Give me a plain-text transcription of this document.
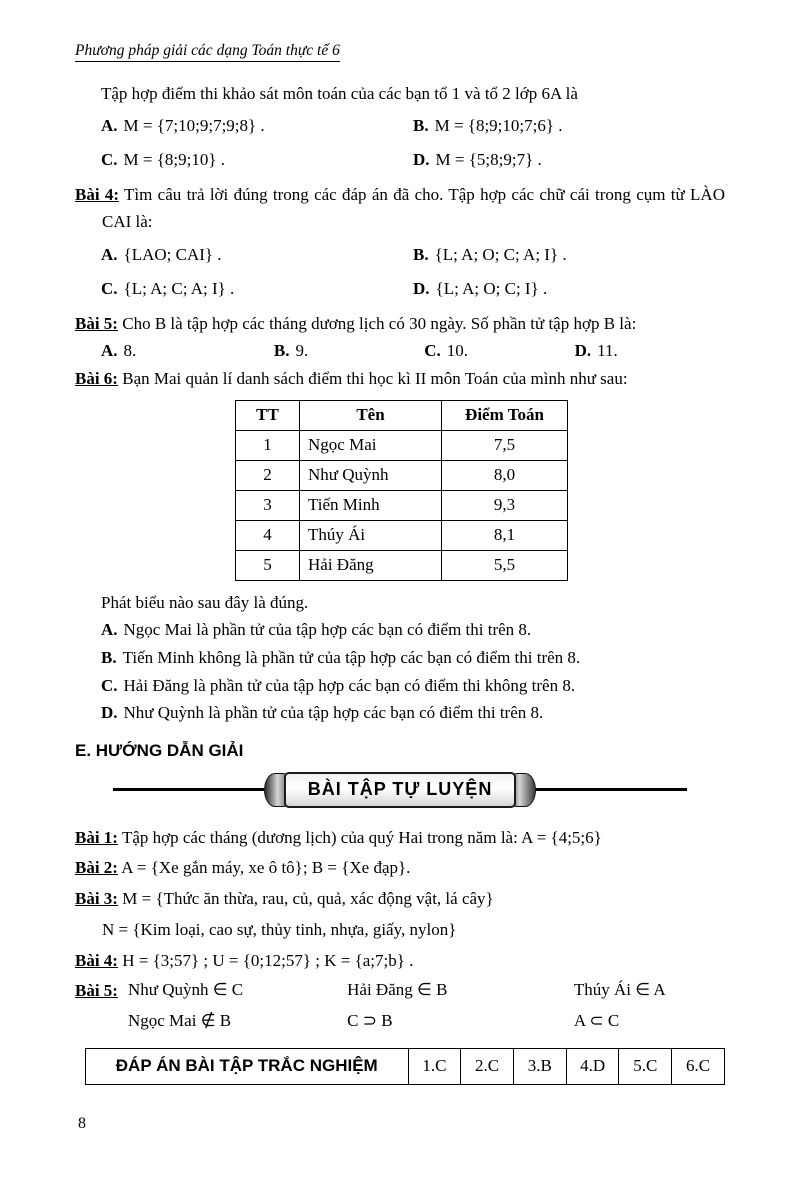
Phương pháp giải các dạng Toán thực tế 6
Tập hợp điểm thi khảo sát môn toán của các bạn tổ 1 và tổ 2 lớp 6A là
A. M = {7;10;9;7;9;8} .	B. M = {8;9;10;7;6} .
C. M = {8;9;10} .	D. M = {5;8;9;7} .
Bài 4: Tìm câu trả lời đúng trong các đáp án đã cho. Tập hợp các chữ cái trong cụm từ LÀO CAI là:
A. {LAO; CAI} .	B. {L; A; O; C; A; I} .
C. {L; A; C; A; I} .	D. {L; A; O; C; I} .
Bài 5: Cho B là tập hợp các tháng dương lịch có 30 ngày. Số phần tử tập hợp B là:
A. 8.	B. 9.	C. 10.	D. 11.
Bài 6: Bạn Mai quản lí danh sách điểm thi học kì II môn Toán của mình như sau:
TT	Tên	Điểm Toán
1	Ngọc Mai	7,5
2	Như Quỳnh	8,0
3	Tiến Minh	9,3
4	Thúy Ái	8,1
5	Hải Đăng	5,5
Phát biểu nào sau đây là đúng.
A. Ngọc Mai là phần tử của tập hợp các bạn có điểm thi trên 8.
B. Tiến Minh không là phần tử của tập hợp các bạn có điểm thi trên 8.
C. Hải Đăng là phần tử của tập hợp các bạn có điểm thi không trên 8.
D. Như Quỳnh là phần tử của tập hợp các bạn có điểm thi trên 8.
E. HƯỚNG DẪN GIẢI
BÀI TẬP TỰ LUYỆN
Bài 1: Tập hợp các tháng (dương lịch) của quý Hai trong năm là: A = {4;5;6}
Bài 2: A = {Xe gắn máy, xe ô tô}; B = {Xe đạp}.
Bài 3: M = {Thức ăn thừa, rau, củ, quả, xác động vật, lá cây}
N = {Kim loại, cao sự, thủy tinh, nhựa, giấy, nylon}
Bài 4: H = {3;57} ; U = {0;12;57} ; K = {a;7;b} .
Bài 5: Như Quỳnh ∈ C	Hải Đăng ∈ B	Thúy Ái ∈ A
Ngọc Mai ∉ B	C ⊃ B	A ⊂ C
ĐÁP ÁN BÀI TẬP TRẮC NGHIỆM	1.C	2.C	3.B	4.D	5.C	6.C
8
